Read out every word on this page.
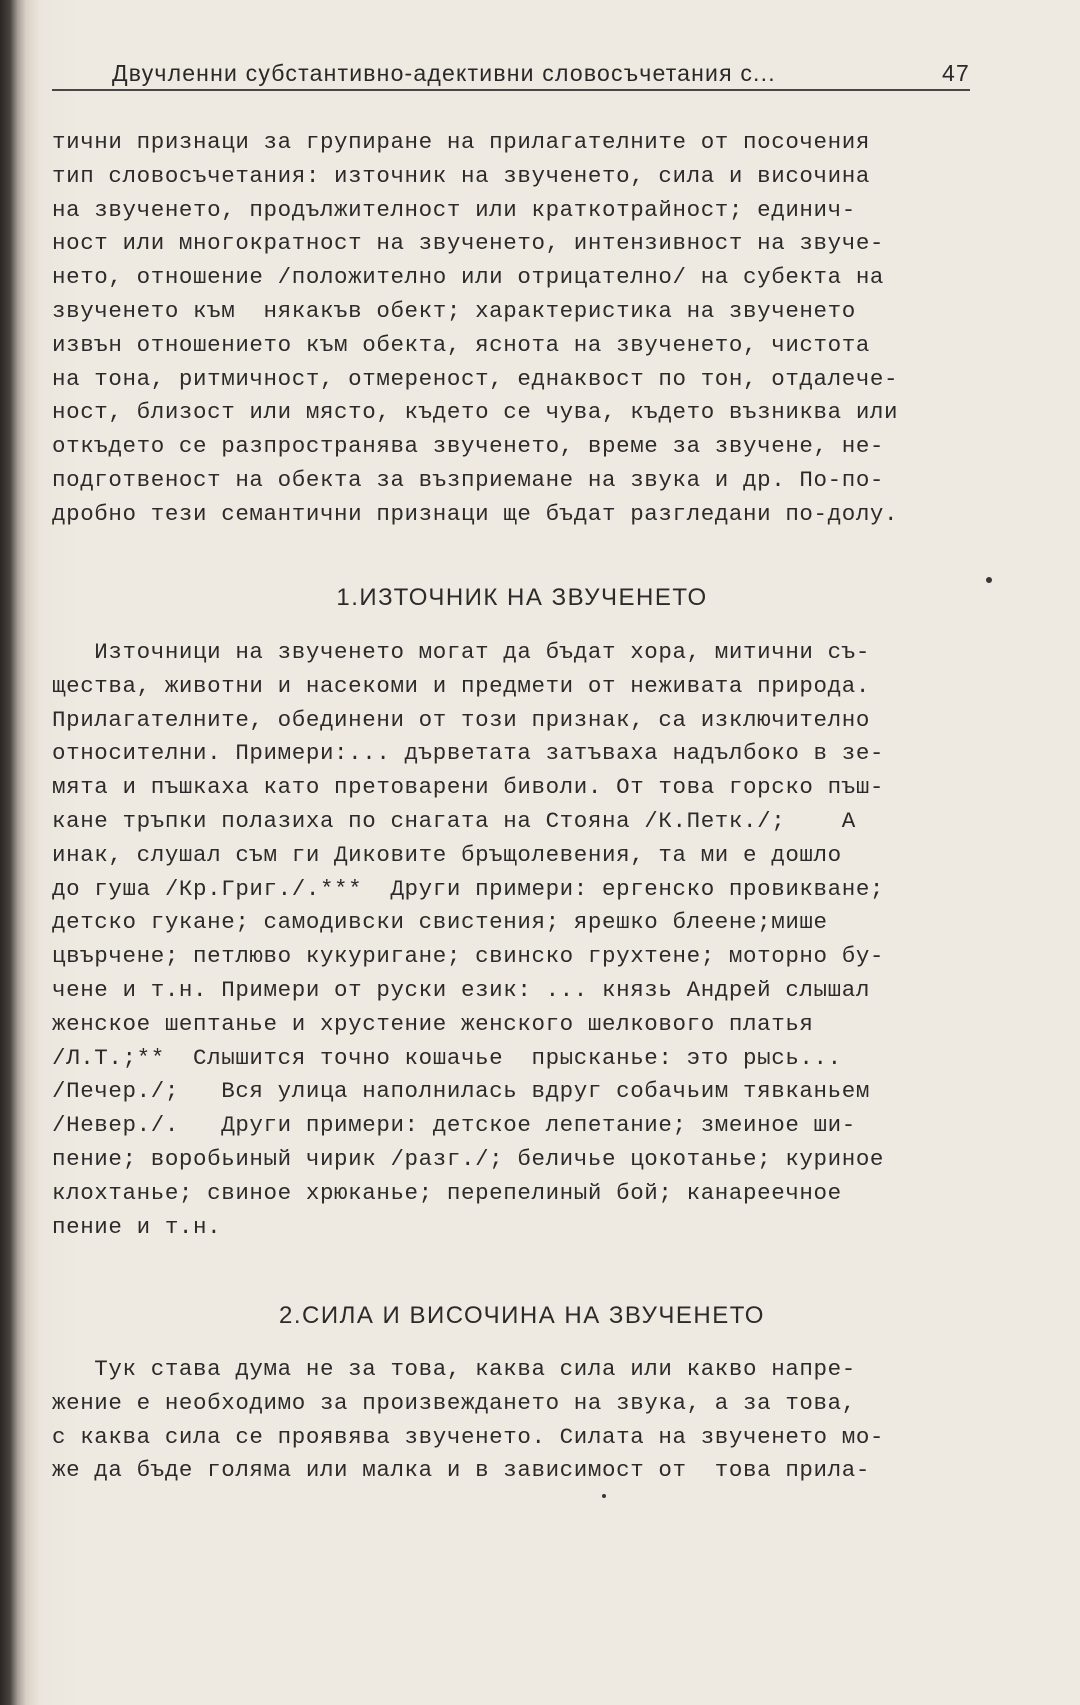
Двучленни субстантивно-адективни словосъчетания с...	47
тични признаци за групиране на прилагателните от посочения
тип словосъчетания: източник на звученето, сила и височина
на звученето, продължителност или краткотрайност; единич-
ност или многократност на звученето, интензивност на звуче-
нето, отношение /положително или отрицателно/ на субекта на
звученето към  някакъв обект; характеристика на звученето
извън отношението към обекта, яснота на звученето, чистота
на тона, ритмичност, отмереност, еднаквост по тон, отдалече-
ност, близост или място, където се чува, където възниква или
откъдето се разпространява звученето, време за звучене, не-
подготвеност на обекта за възприемане на звука и др. По-по-
дробно тези семантични признаци ще бъдат разгледани по-долу.
1.ИЗТОЧНИК НА ЗВУЧЕНЕТО
Източници на звученето могат да бъдат хора, митични съ-
щества, животни и насекоми и предмети от неживата природа.
Прилагателните, обединени от този признак, са изключително
относителни. Примери:... дърветата затъваха надълбоко в зе-
мята и пъшкаха като претоварени биволи. От това горско пъш-
кане тръпки полазиха по снагата на Стояна /К.Петк./;    А
инак, слушал съм ги Диковите бръщолевения, та ми е дошло
до гуша /Кр.Григ./.***  Други примери: ергенско провикване;
детско гукане; самодивски свистения; ярешко блеене;мише
цвърчене; петлюво кукуригане; свинско грухтене; моторно бу-
чене и т.н. Примери от руски език: ... князь Андрей слышал
женское шептанье и хрустение женского шелкового платья
/Л.Т.;**  Слышится точно кошачье  прысканье: это рысь...
/Печер./;   Вся улица наполнилась вдруг собачьим тявканьем
/Невер./.   Други примери: детское лепетание; змеиное ши-
пение; воробьиный чирик /разг./; беличье цокотанье; куриное
клохтанье; свиное хрюканье; перепелиный бой; канареечное
пение и т.н.
2.СИЛА И ВИСОЧИНА НА ЗВУЧЕНЕТО
Тук става дума не за това, каква сила или какво напре-
жение е необходимо за произвеждането на звука, а за това,
с каква сила се проявява звученето. Силата на звученето мо-
же да бъде голяма или малка и в зависимост от  това прила-
